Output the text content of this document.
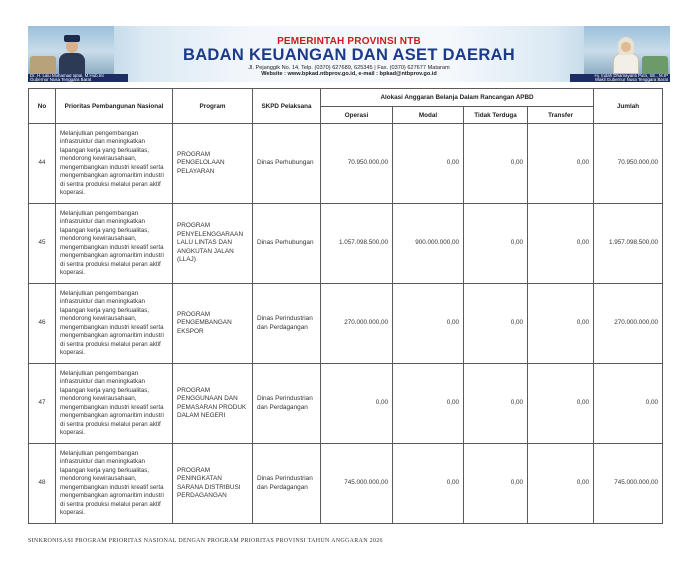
Dr. H. Lalu Muhamad Iqbal, M.Hub.Int
Gubernur Nusa Tenggara Barat
PEMERINTAH PROVINSI NTB
BADAN KEUANGAN DAN ASET DAERAH
Jl. Pejanggik No. 14, Telp. (0370) 627689, 625345 | Fax. (0370) 627677 Mataram
Website : www.bpkad.ntbprov.go.id, e-mail : bpkad@ntbprov.go.id	Hj. Indah Dhamayanti Putri, SE., M.IP
Wakil Gubernur Nusa Tenggara Barat
No	Prioritas Pembangunan Nasional	Program	SKPD Pelaksana	Alokasi Anggaran Belanja Dalam Rancangan APBD				Jumlah
				Operasi	Modal	Tidak Terduga	Transfer	
44	Melanjutkan pengembangan infrastruktur dan meningkatkan lapangan kerja yang berkualitas, mendorong kewirausahaan, mengembangkan industri kreatif serta mengembangkan agromaritim industri di sentra produksi melalui peran aktif koperasi.	PROGRAM PENGELOLAAN PELAYARAN	Dinas Perhubungan	70.950.000,00	0,00	0,00	0,00	70.950.000,00
45	Melanjutkan pengembangan infrastruktur dan meningkatkan lapangan kerja yang berkualitas, mendorong kewirausahaan, mengembangkan industri kreatif serta mengembangkan agromaritim industri di sentra produksi melalui peran aktif koperasi.	PROGRAM PENYELENGGARAAN LALU LINTAS DAN ANGKUTAN JALAN (LLAJ)	Dinas Perhubungan	1.057.098.500,00	900.000.000,00	0,00	0,00	1.957.098.500,00
46	Melanjutkan pengembangan infrastruktur dan meningkatkan lapangan kerja yang berkualitas, mendorong kewirausahaan, mengembangkan industri kreatif serta mengembangkan agromaritim industri di sentra produksi melalui peran aktif koperasi.	PROGRAM PENGEMBANGAN EKSPOR	Dinas Perindustrian dan Perdagangan	270.000.000,00	0,00	0,00	0,00	270.000.000,00
47	Melanjutkan pengembangan infrastruktur dan meningkatkan lapangan kerja yang berkualitas, mendorong kewirausahaan, mengembangkan industri kreatif serta mengembangkan agromaritim industri di sentra produksi melalui peran aktif koperasi.	PROGRAM PENGGUNAAN DAN PEMASARAN PRODUK DALAM NEGERI	Dinas Perindustrian dan Perdagangan	0,00	0,00	0,00	0,00	0,00
48	Melanjutkan pengembangan infrastruktur dan meningkatkan lapangan kerja yang berkualitas, mendorong kewirausahaan, mengembangkan industri kreatif serta mengembangkan agromaritim industri di sentra produksi melalui peran aktif koperasi.	PROGRAM PENINGKATAN SARANA DISTRIBUSI PERDAGANGAN	Dinas Perindustrian dan Perdagangan	745.000.000,00	0,00	0,00	0,00	745.000.000,00
SINKRONISASI PROGRAM PRIORITAS NASIONAL DENGAN PROGRAM PRIORITAS PROVINSI TAHUN ANGGARAN 2026
